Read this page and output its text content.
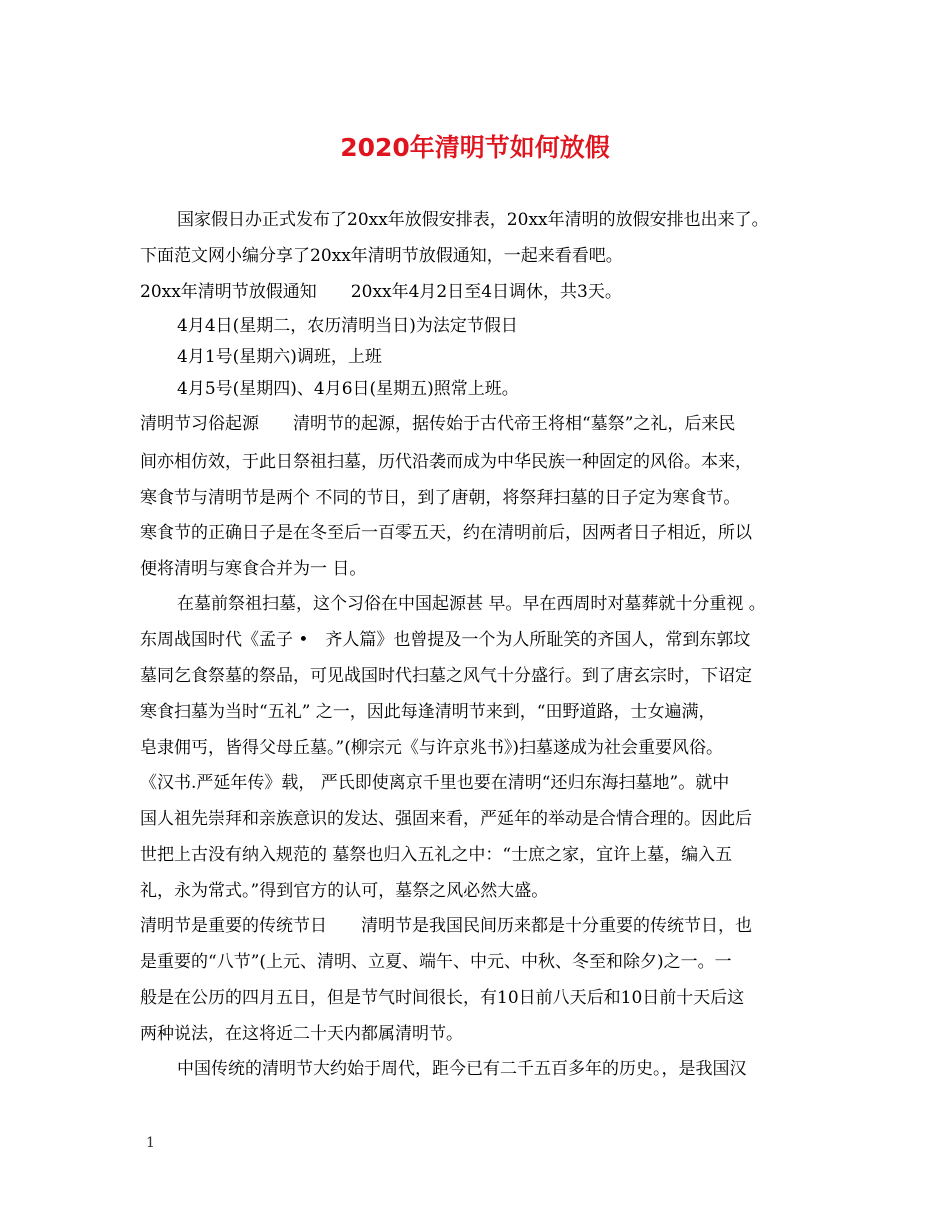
2020年清明节如何放假
国家假日办正式发布了20xx年放假安排表，20xx年清明的放假安排也出来了。
下面范文网小编分享了20xx年清明节放假通知，一起来看看吧。
20xx年清明节放假通知　　20xx年4月2日至4日调休，共3天。
4月4日(星期二，农历清明当日)为法定节假日
4月1号(星期六)调班，上班
4月5号(星期四)、4月6日(星期五)照常上班。
清明节习俗起源　　清明节的起源，据传始于古代帝王将相“墓祭”之礼，后来民
间亦相仿效，于此日祭祖扫墓，历代沿袭而成为中华民族一种固定的风俗。本来，
寒食节与清明节是两个 不同的节日，到了唐朝，将祭拜扫墓的日子定为寒食节。
寒食节的正确日子是在冬至后一百零五天，约在清明前后，因两者日子相近，所以
便将清明与寒食合并为一 日。
在墓前祭祖扫墓，这个习俗在中国起源甚 早。早在西周时对墓葬就十分重视 。
东周战国时代《孟子 •　齐人篇》也曾提及一个为人所耻笑的齐国人，常到东郭坟
墓同乞食祭墓的祭品，可见战国时代扫墓之风气十分盛行。到了唐玄宗时，下诏定
寒食扫墓为当时“五礼” 之一，因此每逢清明节来到，“田野道路，士女遍满，
皂隶佣丐，皆得父母丘墓。”(柳宗元《与许京兆书》)扫墓遂成为社会重要风俗。
《汉书.严延年传》载， 严氏即使离京千里也要在清明“还归东海扫墓地”。就中
国人祖先崇拜和亲族意识的发达、强固来看，严延年的举动是合情合理的。因此后
世把上古没有纳入规范的 墓祭也归入五礼之中：“士庶之家，宜许上墓，编入五
礼，永为常式。”得到官方的认可，墓祭之风必然大盛。
清明节是重要的传统节日　　清明节是我国民间历来都是十分重要的传统节日，也
是重要的“八节”(上元、清明、立夏、端午、中元、中秋、冬至和除夕)之一。一
般是在公历的四月五日，但是节气时间很长，有10日前八天后和10日前十天后这
两种说法，在这将近二十天内都属清明节。
中国传统的清明节大约始于周代，距今已有二千五百多年的历史。，是我国汉
1
